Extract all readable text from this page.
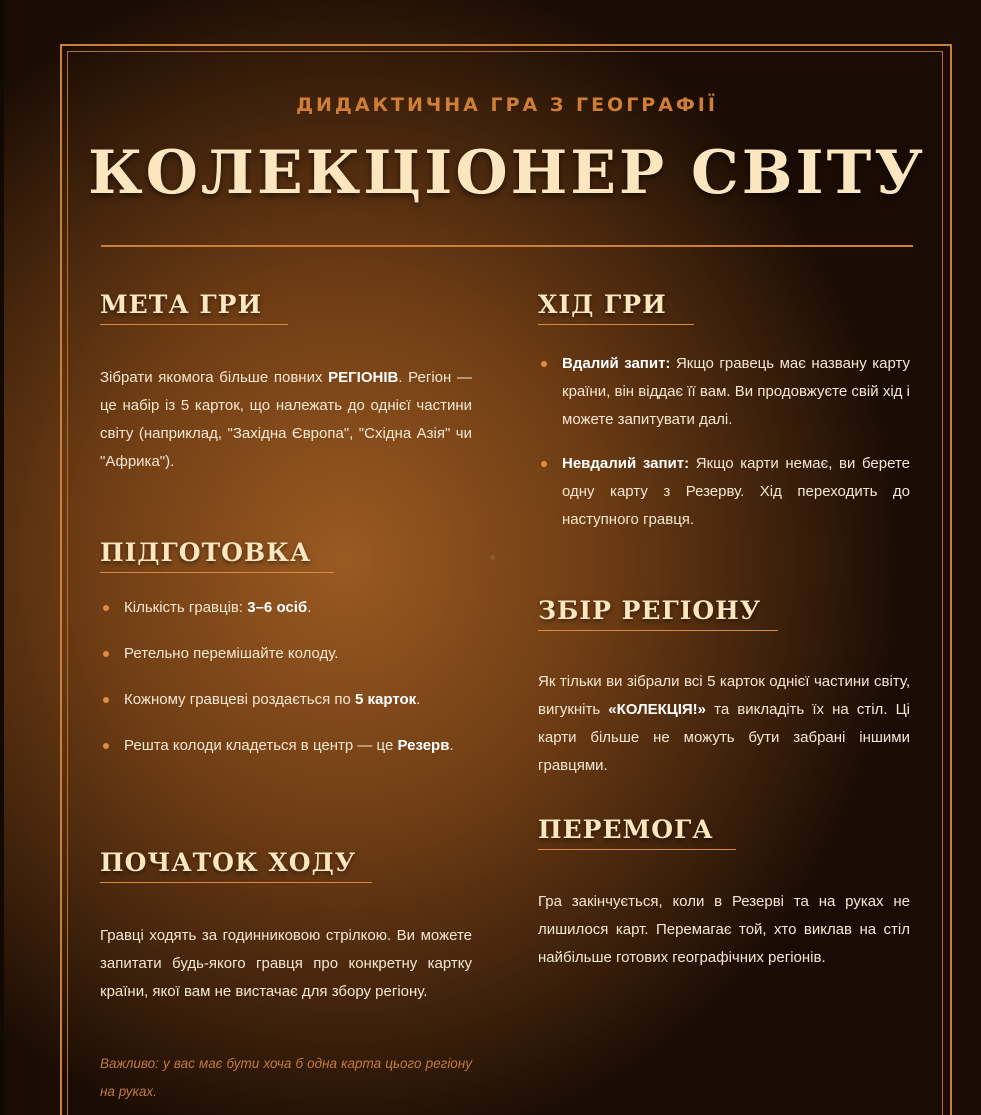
ДИДАКТИЧНА ГРА З ГЕОГРАФІЇ
КОЛЕКЦІОНЕР СВІТУ
МЕТА ГРИ

Зібрати якомога більше повних РЕГІОНІВ. Регіон — це набір із 5 карток, що належать до однієї частини світу (наприклад, "Західна Європа", "Східна Азія" чи "Африка").

ПІДГОТОВКА
Кількість гравців: 3–6 осіб.
Ретельно перемішайте колоду.
Кожному гравцеві роздається по 5 карток.
Решта колоди кладеться в центр — це Резерв.
ПОЧАТОК ХОДУ

Гравці ходять за годинниковою стрілкою. Ви можете запитати будь-якого гравця про конкретну картку країни, якої вам не вистачає для збору регіону.

Важливо: у вас має бути хоча б одна карта цього регіону на руках.

ХІД ГРИ
Вдалий запит: Якщо гравець має названу карту країни, він віддає її вам. Ви продовжуєте свій хід і можете запитувати далі.
Невдалий запит: Якщо карти немає, ви берете одну карту з Резерву. Хід переходить до наступного гравця.
ЗБІР РЕГІОНУ

Як тільки ви зібрали всі 5 карток однієї частини світу, вигукніть «КОЛЕКЦІЯ!» та викладіть їх на стіл. Ці карти більше не можуть бути забрані іншими гравцями.

ПЕРЕМОГА

Гра закінчується, коли в Резерві та на руках не лишилося карт. Перемагає той, хто виклав на стіл найбільше готових географічних регіонів.
